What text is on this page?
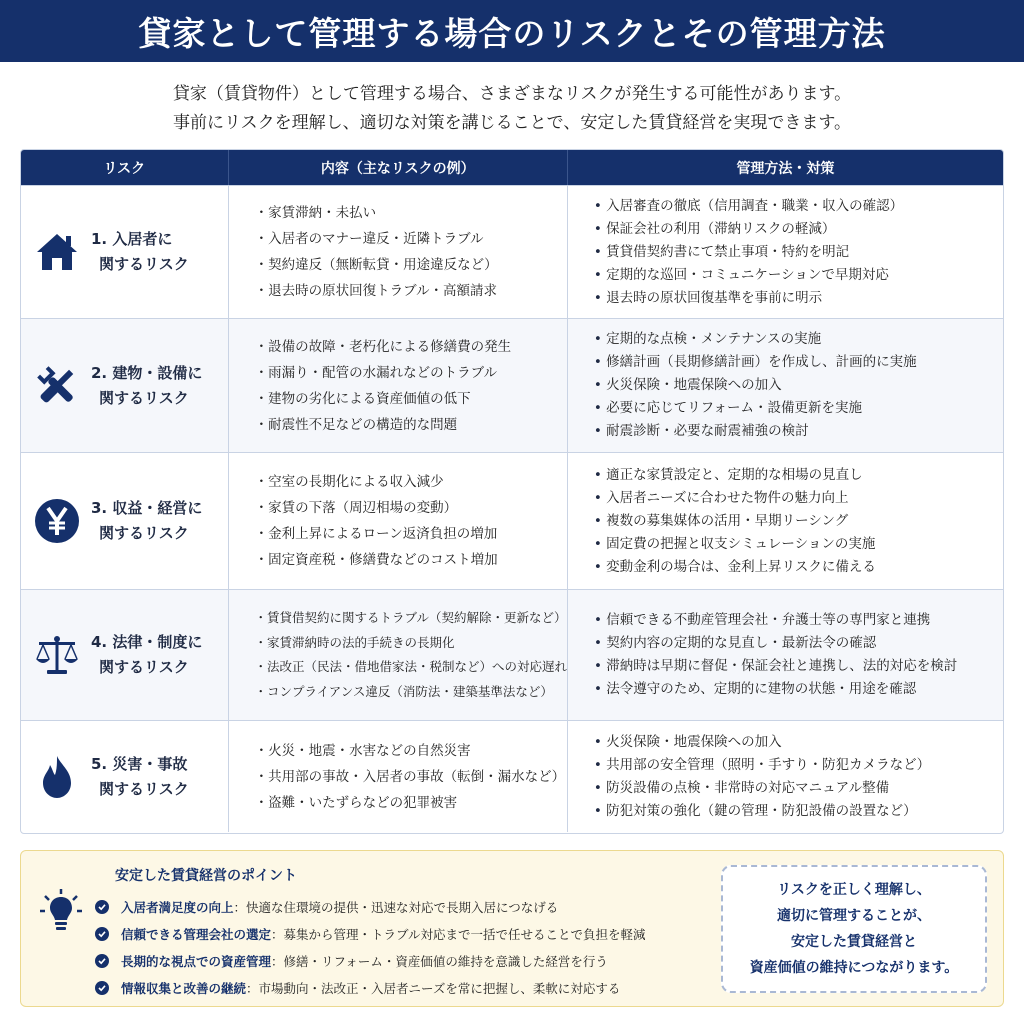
貸家として管理する場合のリスクとその管理方法

貸家（賃貸物件）として管理する場合、さまざまなリスクが発生する可能性があります。

事前にリスクを理解し、適切な対策を講じることで、安定した賃貸経営を実現できます。

リスク	内容（主なリスクの例）	管理方法・対策
1. 入居者に
関するリスク
・ 家賃滞納・未払い
・ 入居者のマナー違反・近隣トラブル
・ 契約違反（無断転貸・用途違反など）
・ 退去時の原状回復トラブル・高額請求
• 入居審査の徹底（信用調査・職業・収入の確認）
• 保証会社の利用（滞納リスクの軽減）
• 賃貸借契約書にて禁止事項・特約を明記
• 定期的な巡回・コミュニケーションで早期対応
• 退去時の原状回復基準を事前に明示
2. 建物・設備に
関するリスク
・ 設備の故障・老朽化による修繕費の発生
・ 雨漏り・配管の水漏れなどのトラブル
・ 建物の劣化による資産価値の低下
・ 耐震性不足などの構造的な問題
• 定期的な点検・メンテナンスの実施
• 修繕計画（長期修繕計画）を作成し、計画的に実施
• 火災保険・地震保険への加入
• 必要に応じてリフォーム・設備更新を実施
• 耐震診断・必要な耐震補強の検討
3. 収益・経営に
関するリスク
・ 空室の長期化による収入減少
・ 家賃の下落（周辺相場の変動）
・ 金利上昇によるローン返済負担の増加
・ 固定資産税・修繕費などのコスト増加
• 適正な家賃設定と、定期的な相場の見直し
• 入居者ニーズに合わせた物件の魅力向上
• 複数の募集媒体の活用・早期リーシング
• 固定費の把握と収支シミュレーションの実施
• 変動金利の場合は、金利上昇リスクに備える
4. 法律・制度に
関するリスク
・ 賃貸借契約に関するトラブル（契約解除・更新など）
・ 家賃滞納時の法的手続きの長期化
・ 法改正（民法・借地借家法・税制など）への対応遅れ
・ コンプライアンス違反（消防法・建築基準法など）
• 信頼できる不動産管理会社・弁護士等の専門家と連携
• 契約内容の定期的な見直し・最新法令の確認
• 滞納時は早期に督促・保証会社と連携し、法的対応を検討
• 法令遵守のため、定期的に建物の状態・用途を確認
5. 災害・事故
関するリスク
・ 火災・地震・水害などの自然災害
・ 共用部の事故・入居者の事故（転倒・漏水など）
・ 盗難・いたずらなどの犯罪被害
• 火災保険・地震保険への加入
• 共用部の安全管理（照明・手すり・防犯カメラなど）
• 防災設備の点検・非常時の対応マニュアル整備
• 防犯対策の強化（鍵の管理・防犯設備の設置など）
安定した賃貸経営のポイント
入居者満足度の向上 ：快適な住環境の提供・迅速な対応で長期入居につなげる
信頼できる管理会社の選定 ：募集から管理・トラブル対応まで一括で任せることで負担を軽減
長期的な視点での資産管理 ：修繕・リフォーム・資産価値の維持を意識した経営を行う
情報収集と改善の継続 ：市場動向・法改正・入居者ニーズを常に把握し、柔軟に対応する
リスクを正しく理解し、
適切に管理することが、
安定した賃貸経営と
資産価値の維持につながります。
